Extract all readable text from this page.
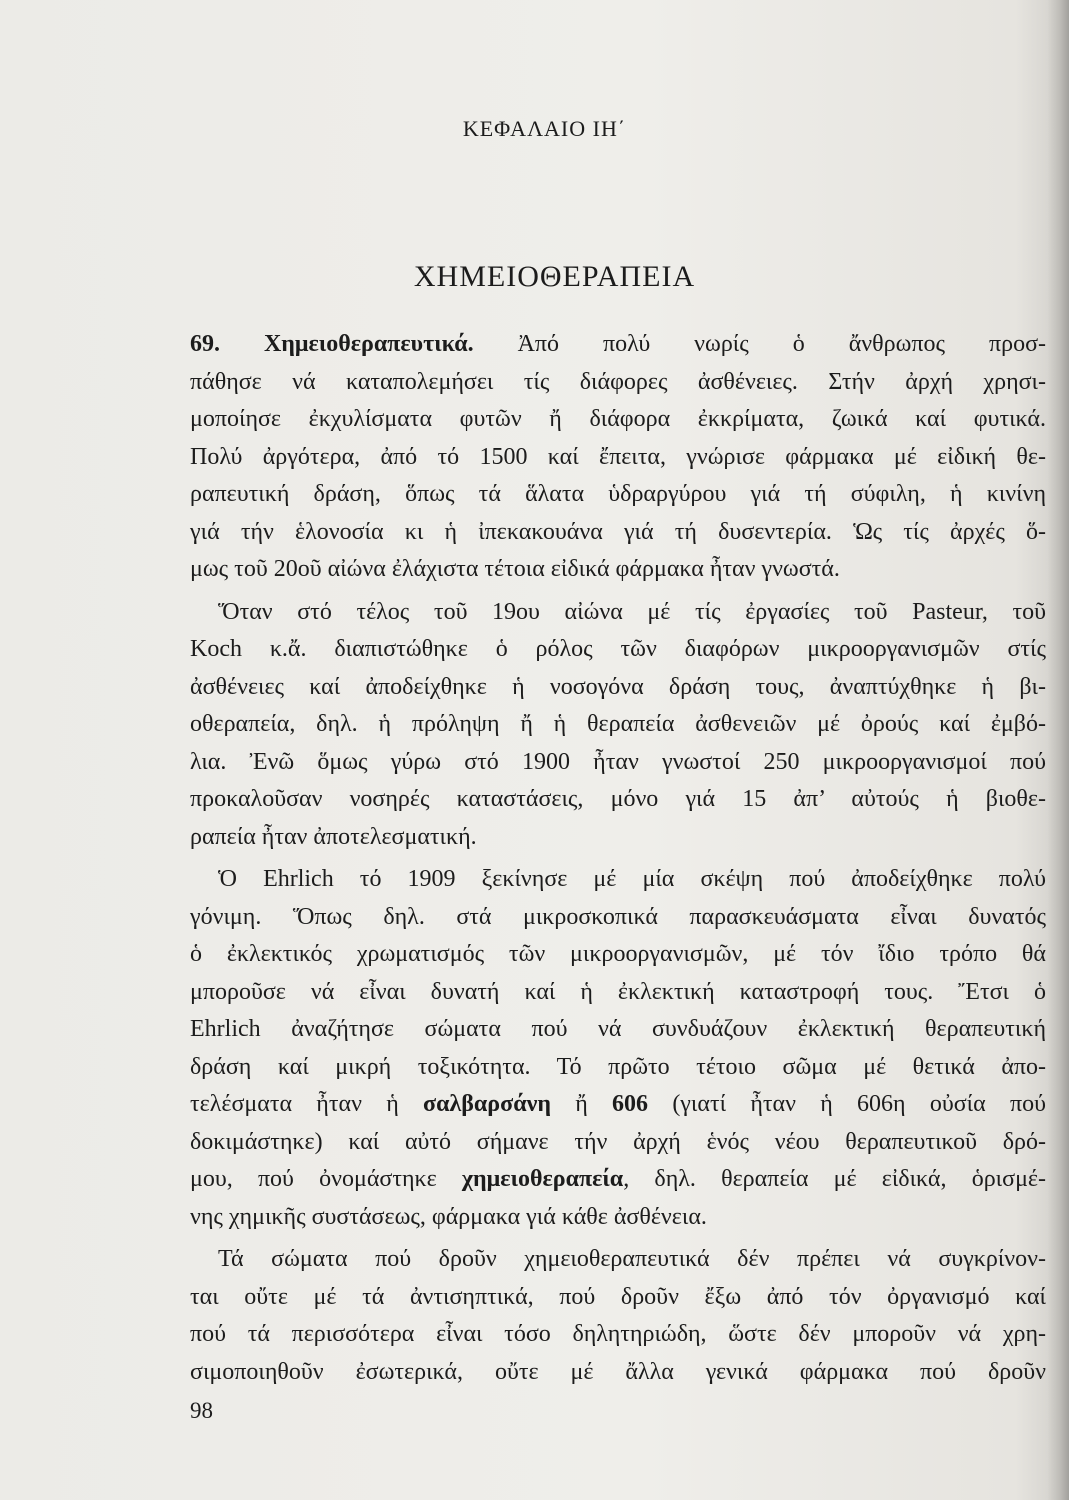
ΚΕΦΑΛΑΙΟ ΙΗ΄
ΧΗΜΕΙΟΘΕΡΑΠΕΙΑ
69. Χημειοθεραπευτικά. Ἀπό πολύ νωρίς ὁ ἄνθρωπος προσ-
πάθησε νά καταπολεμήσει τίς διάφορες ἀσθένειες. Στήν ἀρχή χρησι-
μοποίησε ἐκχυλίσματα φυτῶν ἤ διάφορα ἐκκρίματα, ζωικά καί φυτικά.
Πολύ ἀργότερα, ἀπό τό 1500 καί ἔπειτα, γνώρισε φάρμακα μέ εἰδική θε-
ραπευτική δράση, ὅπως τά ἅλατα ὑδραργύρου γιά τή σύφιλη, ἡ κινίνη
γιά τήν ἑλονοσία κι ἡ ἰπεκακουάνα γιά τή δυσεντερία. Ὡς τίς ἀρχές ὅ-
μως τοῦ 20οῦ αἰώνα ἐλάχιστα τέτοια εἰδικά φάρμακα ἦταν γνωστά.
Ὅταν στό τέλος τοῦ 19ου αἰώνα μέ τίς ἐργασίες τοῦ Pasteur, τοῦ
Koch κ.ἄ. διαπιστώθηκε ὁ ρόλος τῶν διαφόρων μικροοργανισμῶν στίς
ἀσθένειες καί ἀποδείχθηκε ἡ νοσογόνα δράση τους, ἀναπτύχθηκε ἡ βι-
οθεραπεία, δηλ. ἡ πρόληψη ἤ ἡ θεραπεία ἀσθενειῶν μέ ὀρούς καί ἐμβό-
λια. Ἐνῶ ὅμως γύρω στό 1900 ἦταν γνωστοί 250 μικροοργανισμοί πού
προκαλοῦσαν νοσηρές καταστάσεις, μόνο γιά 15 ἀπ’ αὐτούς ἡ βιοθε-
ραπεία ἦταν ἀποτελεσματική.
Ὁ Ehrlich τό 1909 ξεκίνησε μέ μία σκέψη πού ἀποδείχθηκε πολύ
γόνιμη. Ὅπως δηλ. στά μικροσκοπικά παρασκευάσματα εἶναι δυνατός
ὁ ἐκλεκτικός χρωματισμός τῶν μικροοργανισμῶν, μέ τόν ἴδιο τρόπο θά
μποροῦσε νά εἶναι δυνατή καί ἡ ἐκλεκτική καταστροφή τους. Ἔτσι ὁ
Ehrlich ἀναζήτησε σώματα πού νά συνδυάζουν ἐκλεκτική θεραπευτική
δράση καί μικρή τοξικότητα. Τό πρῶτο τέτοιο σῶμα μέ θετικά ἀπο-
τελέσματα ἦταν ἡ σαλβαρσάνη ἤ 606 (γιατί ἦταν ἡ 606η οὐσία πού
δοκιμάστηκε) καί αὐτό σήμανε τήν ἀρχή ἑνός νέου θεραπευτικοῦ δρό-
μου, πού ὀνομάστηκε χημειοθεραπεία, δηλ. θεραπεία μέ εἰδικά, ὁρισμέ-
νης χημικῆς συστάσεως, φάρμακα γιά κάθε ἀσθένεια.
Τά σώματα πού δροῦν χημειοθεραπευτικά δέν πρέπει νά συγκρίνον-
ται οὔτε μέ τά ἀντισηπτικά, πού δροῦν ἔξω ἀπό τόν ὀργανισμό καί
πού τά περισσότερα εἶναι τόσο δηλητηριώδη, ὥστε δέν μποροῦν νά χρη-
σιμοποιηθοῦν ἐσωτερικά, οὔτε μέ ἄλλα γενικά φάρμακα πού δροῦν
98
